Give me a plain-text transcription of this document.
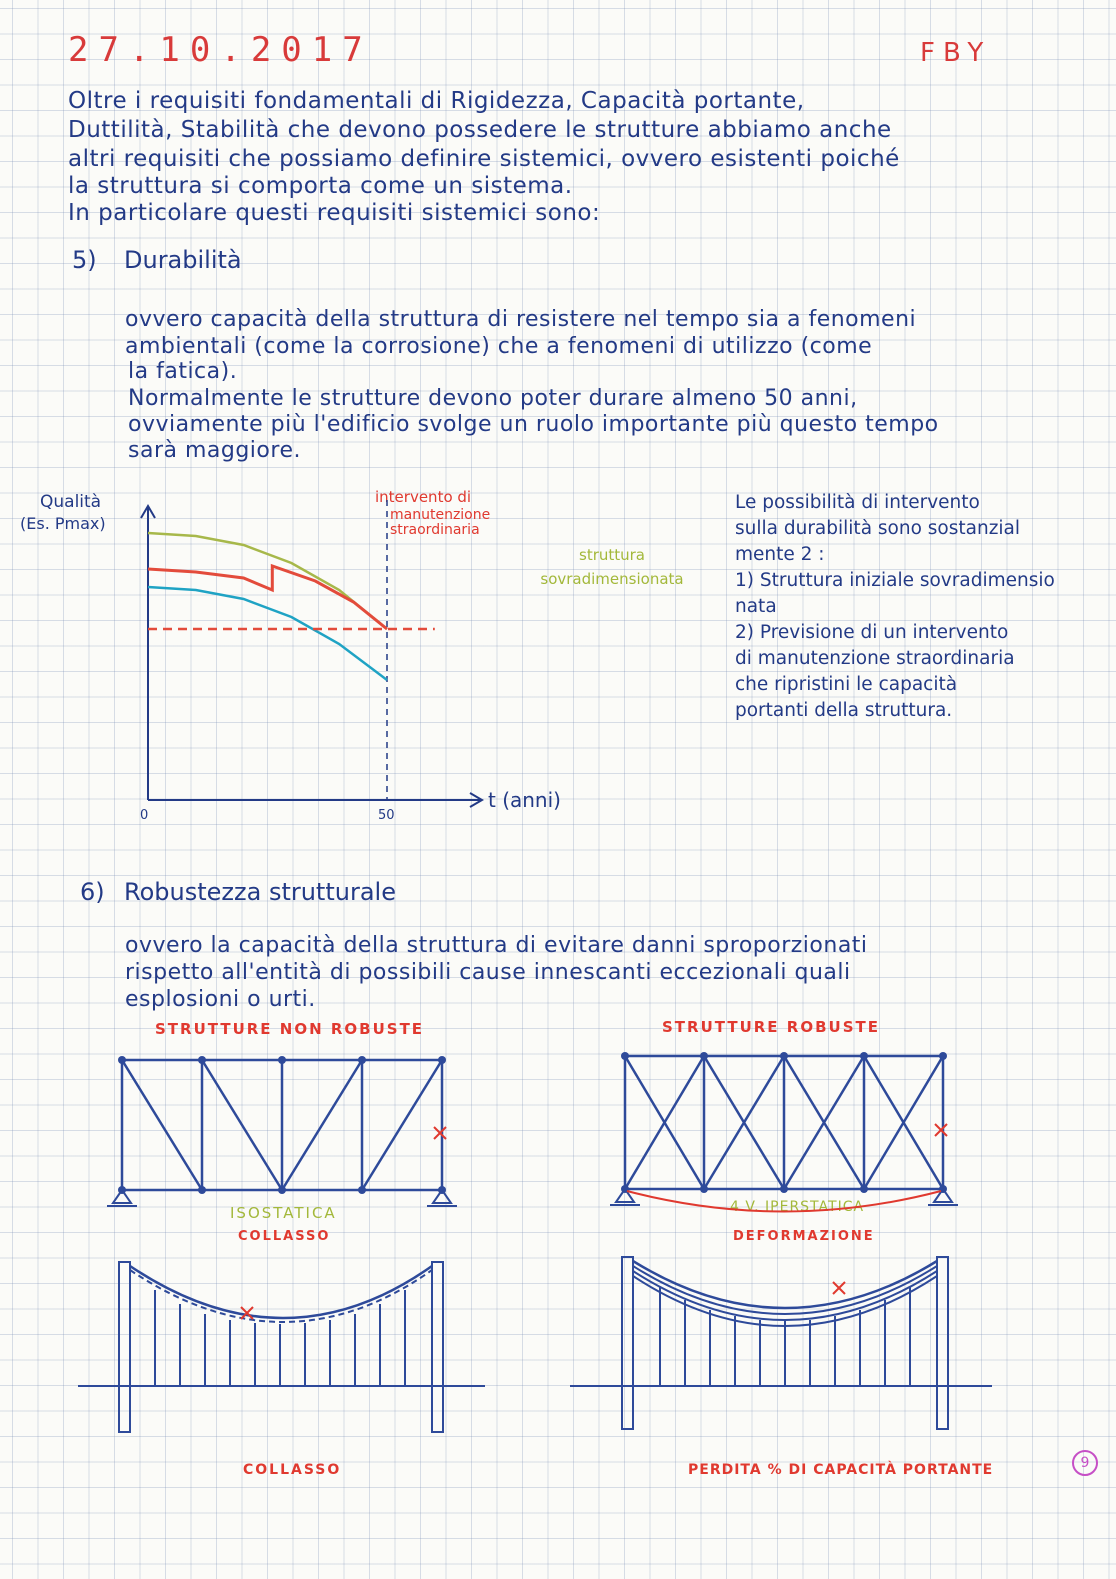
27.10.2017	FBY
Oltre i requisiti fondamentali di Rigidezza, Capacità portante,
Duttilità, Stabilità che devono possedere le strutture abbiamo anche
altri requisiti che possiamo definire sistemici, ovvero esistenti poiché
la struttura si comporta come un sistema.
In particolare questi requisiti sistemici sono:
5) Durabilità
ovvero capacità della struttura di resistere nel tempo sia a fenomeni
ambientali (come la corrosione) che a fenomeni di utilizzo (come
la fatica).
Normalmente le strutture devono poter durare almeno 50 anni,
ovviamente più l'edificio svolge un ruolo importante più questo tempo
sarà maggiore.
Qualità
(Es. Pmax)
intervento di
manutenzione straordinaria
struttura sovradimensionata
0	50
t (anni)
Le possibilità di intervento
sulla durabilità sono sostanzial
mente 2 :
1) Struttura iniziale sovradimensio
nata
2) Previsione di un intervento
di manutenzione straordinaria
che ripristini le capacità
portanti della struttura.
6) Robustezza strutturale
ovvero la capacità della struttura di evitare danni sproporzionati
rispetto all'entità di possibili cause innescanti eccezionali quali
esplosioni o urti.
STRUTTURE NON ROBUSTE	STRUTTURE ROBUSTE
ISOSTATICA
COLLASSO
4 V. IPERSTATICA
DEFORMAZIONE
COLLASSO	PERDITA % DI CAPACITÀ PORTANTE	9
